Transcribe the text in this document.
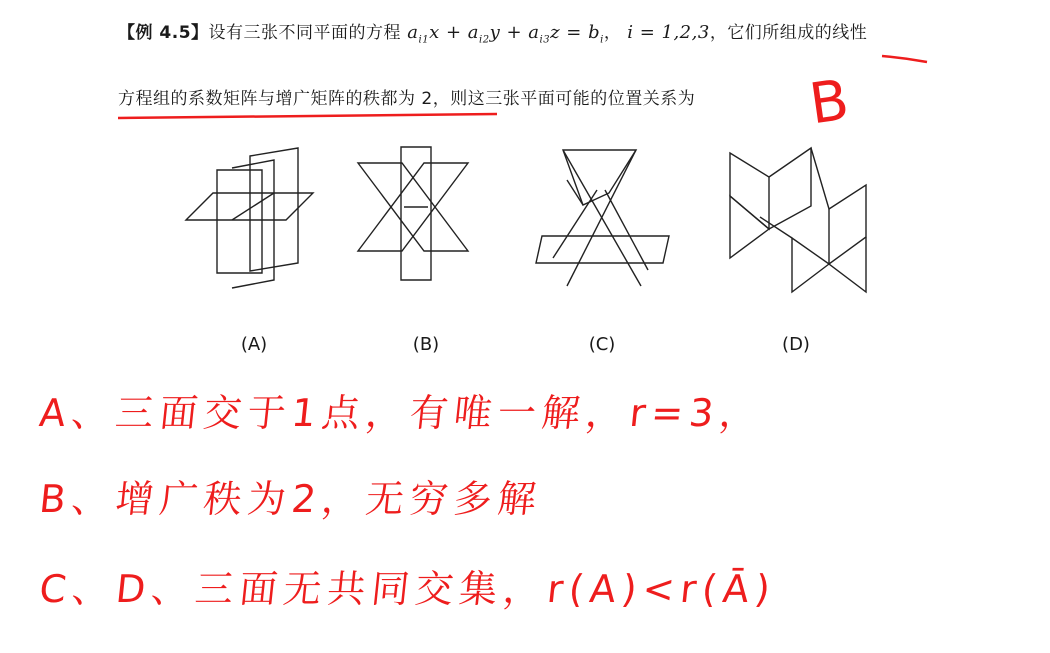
【例 4.5】设有三张不同平面的方程 $a_{i1}x + a_{i2}y + a_{i3}z = b_i$， i = 1,2,3，它们所组成的线性
方程组的系数矩阵与增广矩阵的秩都为 2，则这三张平面可能的位置关系为
(A)	(B)	(C)	(D)
B
A、三面交于1点，有唯一解，r=3，
B、增广秩为2，无穷多解
C、D、三面无共同交集，r(A)<r(Ā)
